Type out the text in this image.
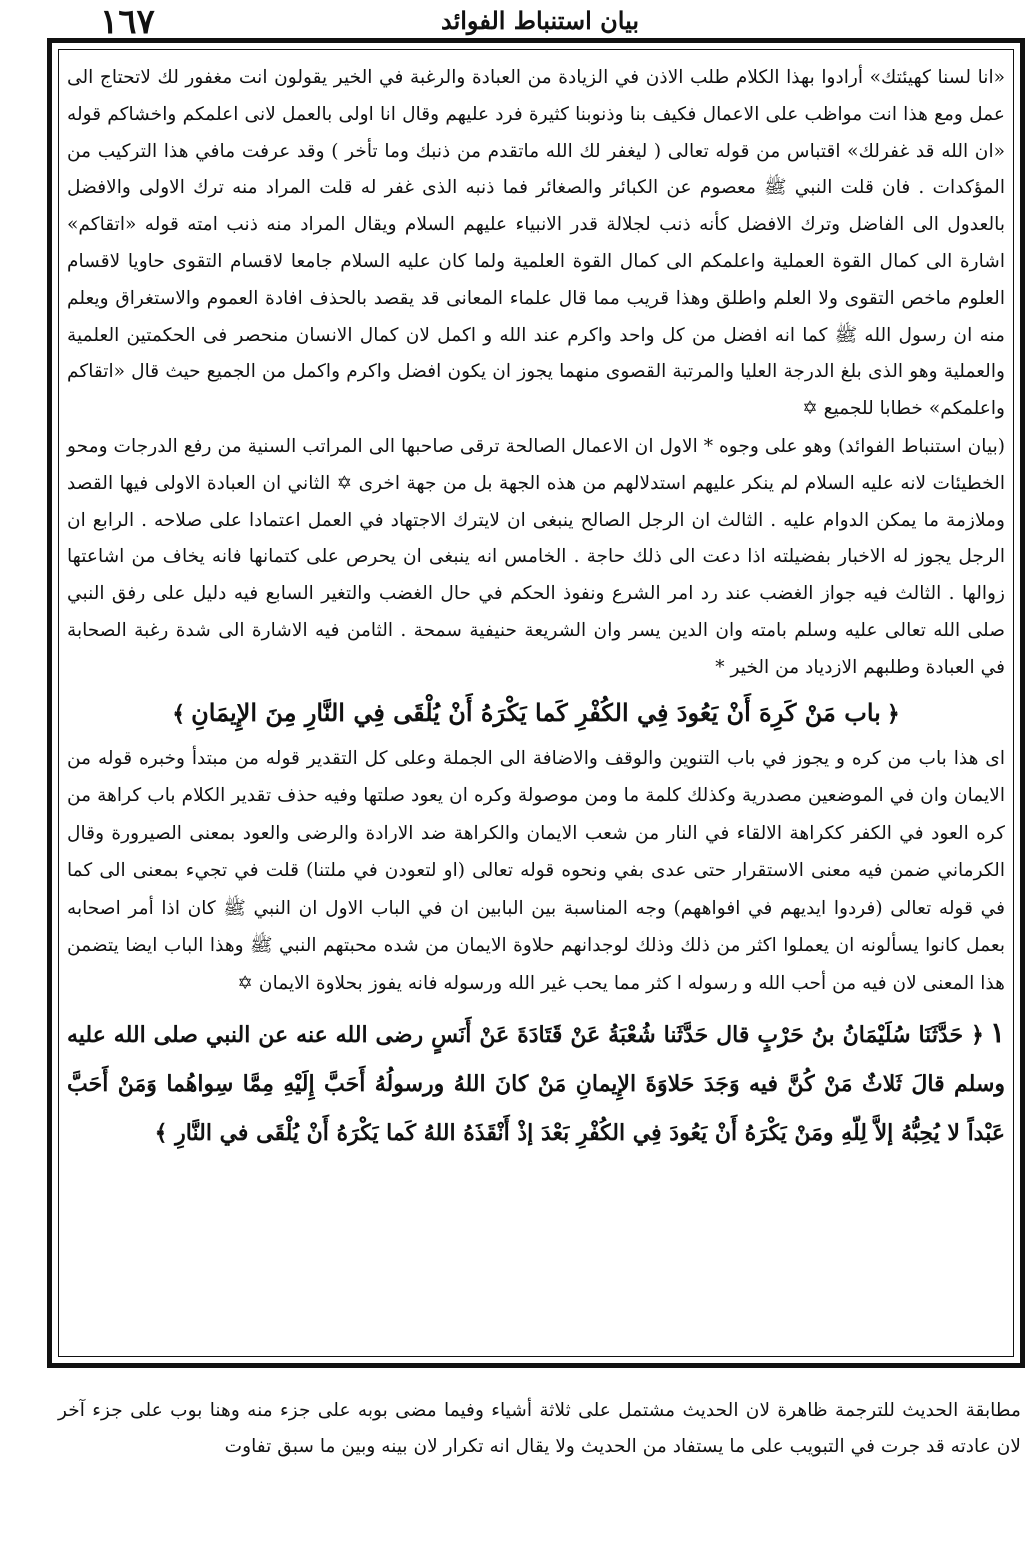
١٦٧	بيان استنباط الفوائد

«انا لسنا كهيئتك» أرادوا بهذا الكلام طلب الاذن في الزيادة من العبادة والرغبة في الخير يقولون انت مغفور لك لاتحتاج الى عمل ومع هذا انت مواظب على الاعمال فكيف بنا وذنوبنا كثيرة فرد عليهم وقال انا اولى بالعمل لانى اعلمكم واخشاكم قوله «ان الله قد غفرلك» اقتباس من قوله تعالى ( ليغفر لك الله ماتقدم من ذنبك وما تأخر ) وقد عرفت مافي هذا التركيب من المؤكدات . فان قلت النبي ﷺ معصوم عن الكبائر والصغائر فما ذنبه الذى غفر له قلت المراد منه ترك الاولى والافضل بالعدول الى الفاضل وترك الافضل كأنه ذنب لجلالة قدر الانبياء عليهم السلام ويقال المراد منه ذنب امته قوله «اتقاكم» اشارة الى كمال القوة العملية واعلمكم الى كمال القوة العلمية ولما كان عليه السلام جامعا لاقسام التقوى حاويا لاقسام العلوم ماخص التقوى ولا العلم واطلق وهذا قريب مما قال علماء المعانى قد يقصد بالحذف افادة العموم والاستغراق ويعلم منه ان رسول الله ﷺ كما انه افضل من كل واحد واكرم عند الله و اكمل لان كمال الانسان منحصر فى الحكمتين العلمية والعملية وهو الذى بلغ الدرجة العليا والمرتبة القصوى منهما يجوز ان يكون افضل واكرم واكمل من الجميع حيث قال «اتقاكم واعلمكم» خطابا للجميع ✡

(بيان استنباط الفوائد) وهو على وجوه * الاول ان الاعمال الصالحة ترقى صاحبها الى المراتب السنية من رفع الدرجات ومحو الخطيئات لانه عليه السلام لم ينكر عليهم استدلالهم من هذه الجهة بل من جهة اخرى ✡ الثاني ان العبادة الاولى فيها القصد وملازمة ما يمكن الدوام عليه . الثالث ان الرجل الصالح ينبغى ان لايترك الاجتهاد في العمل اعتمادا على صلاحه . الرابع ان الرجل يجوز له الاخبار بفضيلته اذا دعت الى ذلك حاجة . الخامس انه ينبغى ان يحرص على كتمانها فانه يخاف من اشاعتها زوالها . الثالث فيه جواز الغضب عند رد امر الشرع ونفوذ الحكم في حال الغضب والتغير السابع فيه دليل على رفق النبي صلى الله تعالى عليه وسلم بامته وان الدين يسر وان الشريعة حنيفية سمحة . الثامن فيه الاشارة الى شدة رغبة الصحابة في العبادة وطلبهم الازدياد من الخير *

﴿باب مَنْ كَرِهَ أَنْ يَعُودَ فِي الكُفْرِ كَما يَكْرَهُ أَنْ يُلْقَى فِي النَّارِ مِنَ الإِيمَانِ﴾

اى هذا باب من كره و يجوز في باب التنوين والوقف والاضافة الى الجملة وعلى كل التقدير قوله من مبتدأ وخبره قوله من الايمان وان في الموضعين مصدرية وكذلك كلمة ما ومن موصولة وكره ان يعود صلتها وفيه حذف تقدير الكلام باب كراهة من كره العود في الكفر ككراهة الالقاء في النار من شعب الايمان والكراهة ضد الارادة والرضى والعود بمعنى الصيرورة وقال الكرماني ضمن فيه معنى الاستقرار حتى عدى بفي ونحوه قوله تعالى (او لتعودن في ملتنا) قلت في تجيء بمعنى الى كما في قوله تعالى (فردوا ايديهم في افواههم) وجه المناسبة بين البابين ان في الباب الاول ان النبي ﷺ كان اذا أمر اصحابه بعمل كانوا يسألونه ان يعملوا اكثر من ذلك وذلك لوجدانهم حلاوة الايمان من شده محبتهم النبي ﷺ وهذا الباب ايضا يتضمن هذا المعنى لان فيه من أحب الله و رسوله ا كثر مما يحب غير الله ورسوله فانه يفوز بحلاوة الايمان ✡

١﴿ حَدَّثَنَا سُلَيْمَانُ بنُ حَرْبٍ قال حَدَّثَنا شُعْبَةُ عَنْ قَتَادَةَ عَنْ أَنَسٍ رضى الله عنه عن النبي صلى الله عليه وسلم قالَ ثَلاثٌ مَنْ كُنَّ فيه وَجَدَ حَلاوَةَ الإِيمانِ مَنْ كانَ اللهُ ورسولُهُ أَحَبَّ إِلَيْهِ مِمَّا سِواهُما وَمَنْ أَحَبَّ عَبْداً لا يُحِبُّهُ إلاَّ لِلّهِ ومَنْ يَكْرَهُ أَنْ يَعُودَ فِي الكُفْرِ بَعْدَ إذْ أَنْقَذَهُ اللهُ كَما يَكْرَهُ أَنْ يُلْقَى في النَّارِ ﴾

مطابقة الحديث للترجمة ظاهرة لان الحديث مشتمل على ثلاثة أشياء وفيما مضى بوبه على جزء منه وهنا بوب على جزء آخر لان عادته قد جرت في التبويب على ما يستفاد من الحديث ولا يقال انه تكرار لان بينه وبين ما سبق تفاوت
